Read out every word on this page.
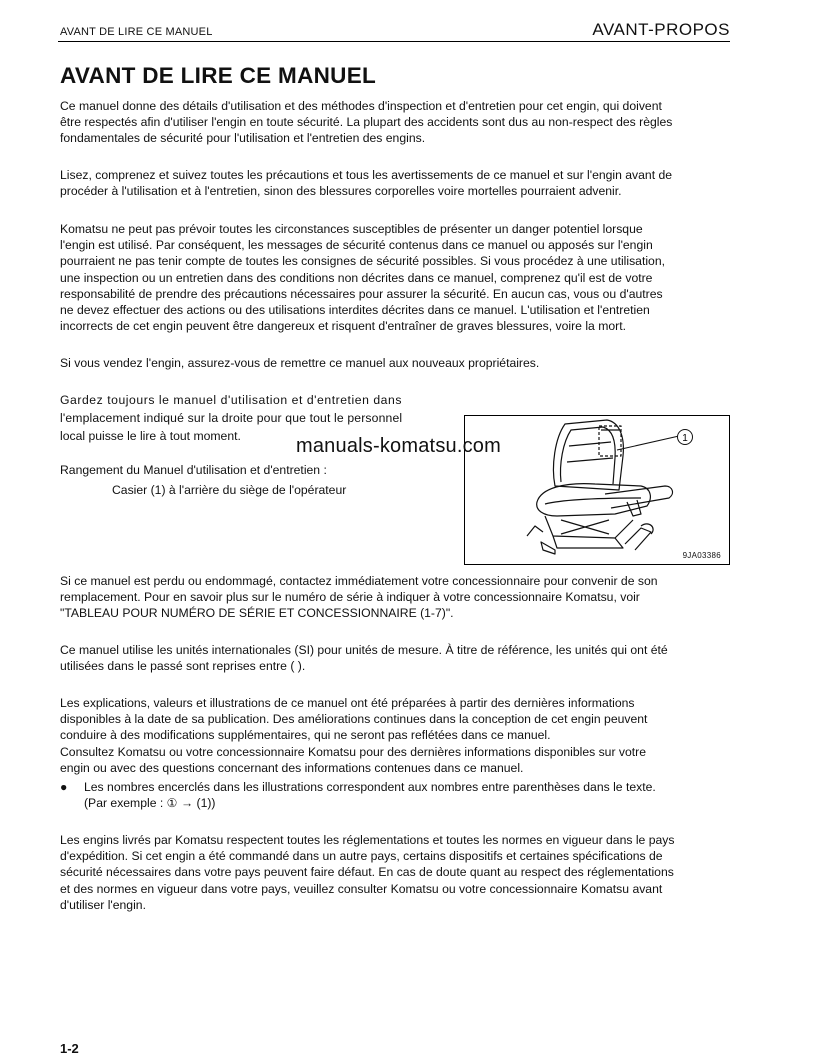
AVANT DE LIRE CE MANUEL	AVANT-PROPOS
AVANT DE LIRE CE MANUEL
Ce manuel donne des détails d'utilisation et des méthodes d'inspection et d'entretien pour cet engin, qui doivent
être respectés afin d'utiliser l'engin en toute sécurité. La plupart des accidents sont dus au non-respect des règles
fondamentales de sécurité pour l'utilisation et l'entretien des engins.
Lisez, comprenez et suivez toutes les précautions et tous les avertissements de ce manuel et sur l'engin avant de
procéder à l'utilisation et à l'entretien, sinon des blessures corporelles voire mortelles pourraient advenir.
Komatsu ne peut pas prévoir toutes les circonstances susceptibles de présenter un danger potentiel lorsque
l'engin est utilisé. Par conséquent, les messages de sécurité contenus dans ce manuel ou apposés sur l'engin
pourraient ne pas tenir compte de toutes les consignes de sécurité possibles. Si vous procédez à une utilisation,
une inspection ou un entretien dans des conditions non décrites dans ce manuel, comprenez qu'il est de votre
responsabilité de prendre des précautions nécessaires pour assurer la sécurité. En aucun cas, vous ou d'autres
ne devez effectuer des actions ou des utilisations interdites décrites dans ce manuel. L'utilisation et l'entretien
incorrects de cet engin peuvent être dangereux et risquent d'entraîner de graves blessures, voire la mort.
Si vous vendez l'engin, assurez-vous de remettre ce manuel aux nouveaux propriétaires.
Gardez toujours le manuel d'utilisation et d'entretien dans
l'emplacement indiqué sur la droite pour que tout le personnel
local puisse le lire à tout moment.
Rangement du Manuel d'utilisation et d'entretien :
Casier (1) à l'arrière du siège de l'opérateur
1
9JA03386
manuals-komatsu.com
Si ce manuel est perdu ou endommagé, contactez immédiatement votre concessionnaire pour convenir de son
remplacement. Pour en savoir plus sur le numéro de série à indiquer à votre concessionnaire Komatsu, voir
"TABLEAU POUR NUMÉRO DE SÉRIE ET CONCESSIONNAIRE (1-7)".
Ce manuel utilise les unités internationales (SI) pour unités de mesure. À titre de référence, les unités qui ont été
utilisées dans le passé sont reprises entre ( ).
Les explications, valeurs et illustrations de ce manuel ont été préparées à partir des dernières informations
disponibles à la date de sa publication. Des améliorations continues dans la conception de cet engin peuvent
conduire à des modifications supplémentaires, qui ne seront pas reflétées dans ce manuel.
Consultez Komatsu ou votre concessionnaire Komatsu pour des dernières informations disponibles sur votre
engin ou avec des questions concernant des informations contenues dans ce manuel.
● Les nombres encerclés dans les illustrations correspondent aux nombres entre parenthèses dans le texte.
(Par exemple : ① → (1))
Les engins livrés par Komatsu respectent toutes les réglementations et toutes les normes en vigueur dans le pays
d'expédition. Si cet engin a été commandé dans un autre pays, certains dispositifs et certaines spécifications de
sécurité nécessaires dans votre pays peuvent faire défaut. En cas de doute quant au respect des réglementations
et des normes en vigueur dans votre pays, veuillez consulter Komatsu ou votre concessionnaire Komatsu avant
d'utiliser l'engin.
1-2
